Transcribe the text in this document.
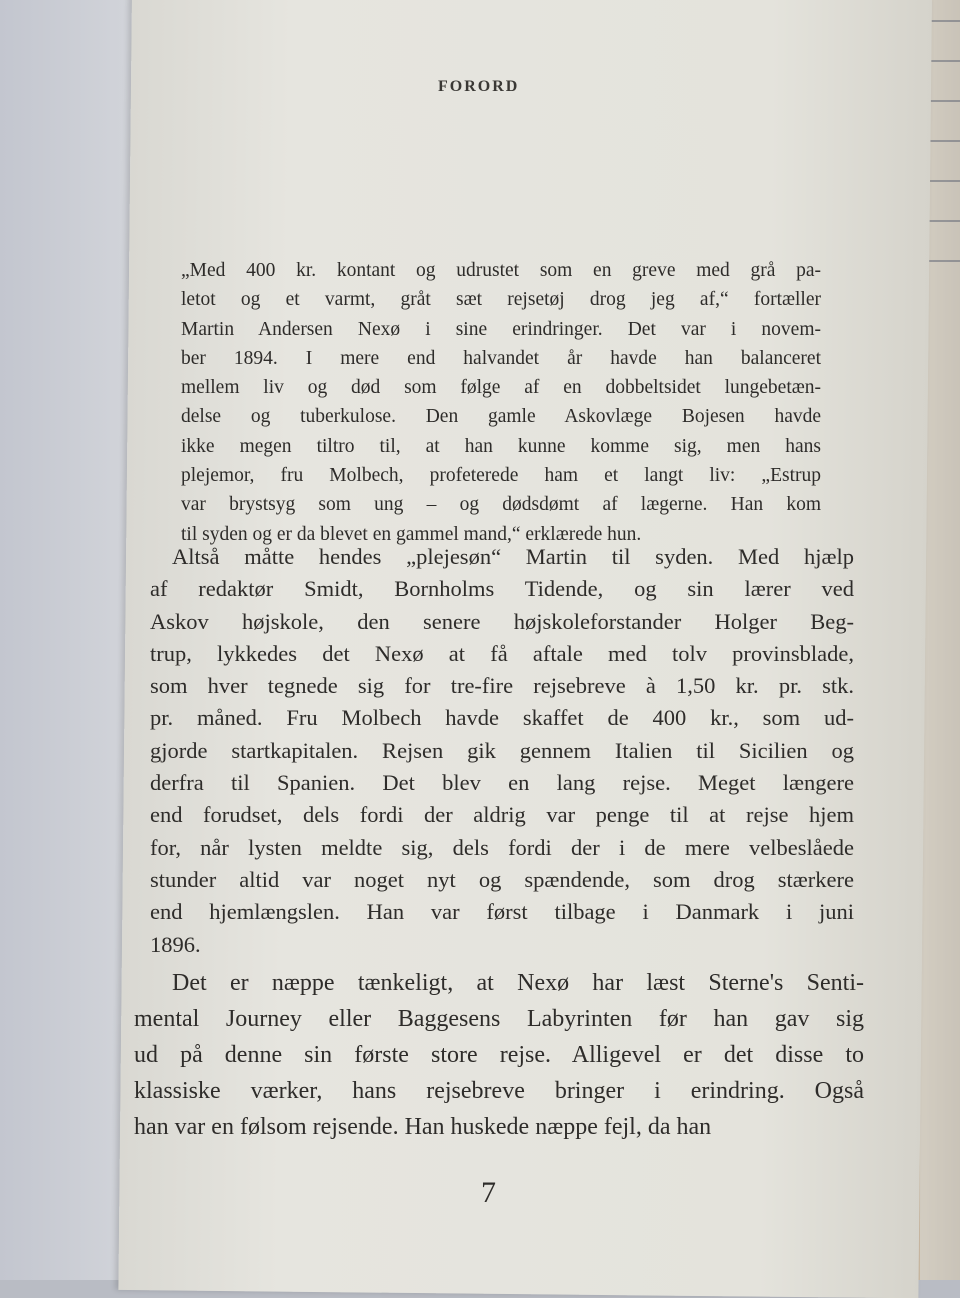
FORORD
„Med 400 kr. kontant og udrustet som en greve med grå pa-
letot og et varmt, gråt sæt rejsetøj drog jeg af,“ fortæller
Martin Andersen Nexø i sine erindringer. Det var i novem-
ber 1894. I mere end halvandet år havde han balanceret
mellem liv og død som følge af en dobbeltsidet lungebetæn-
delse og tuberkulose. Den gamle Askovlæge Bojesen havde
ikke megen tiltro til, at han kunne komme sig, men hans
plejemor, fru Molbech, profeterede ham et langt liv: „Estrup
var brystsyg som ung – og dødsdømt af lægerne. Han kom
til syden og er da blevet en gammel mand,“ erklærede hun.
Altså måtte hendes „plejesøn“ Martin til syden. Med hjælp
af redaktør Smidt, Bornholms Tidende, og sin lærer ved
Askov højskole, den senere højskoleforstander Holger Beg-
trup, lykkedes det Nexø at få aftale med tolv provinsblade,
som hver tegnede sig for tre-fire rejsebreve à 1,50 kr. pr. stk.
pr. måned. Fru Molbech havde skaffet de 400 kr., som ud-
gjorde startkapitalen. Rejsen gik gennem Italien til Sicilien og
derfra til Spanien. Det blev en lang rejse. Meget længere
end forudset, dels fordi der aldrig var penge til at rejse hjem
for, når lysten meldte sig, dels fordi der i de mere velbeslåede
stunder altid var noget nyt og spændende, som drog stærkere
end hjemlængslen. Han var først tilbage i Danmark i juni
1896.
Det er næppe tænkeligt, at Nexø har læst Sterne's Senti-
mental Journey eller Baggesens Labyrinten før han gav sig
ud på denne sin første store rejse. Alligevel er det disse to
klassiske værker, hans rejsebreve bringer i erindring. Også
han var en følsom rejsende. Han huskede næppe fejl, da han
7
